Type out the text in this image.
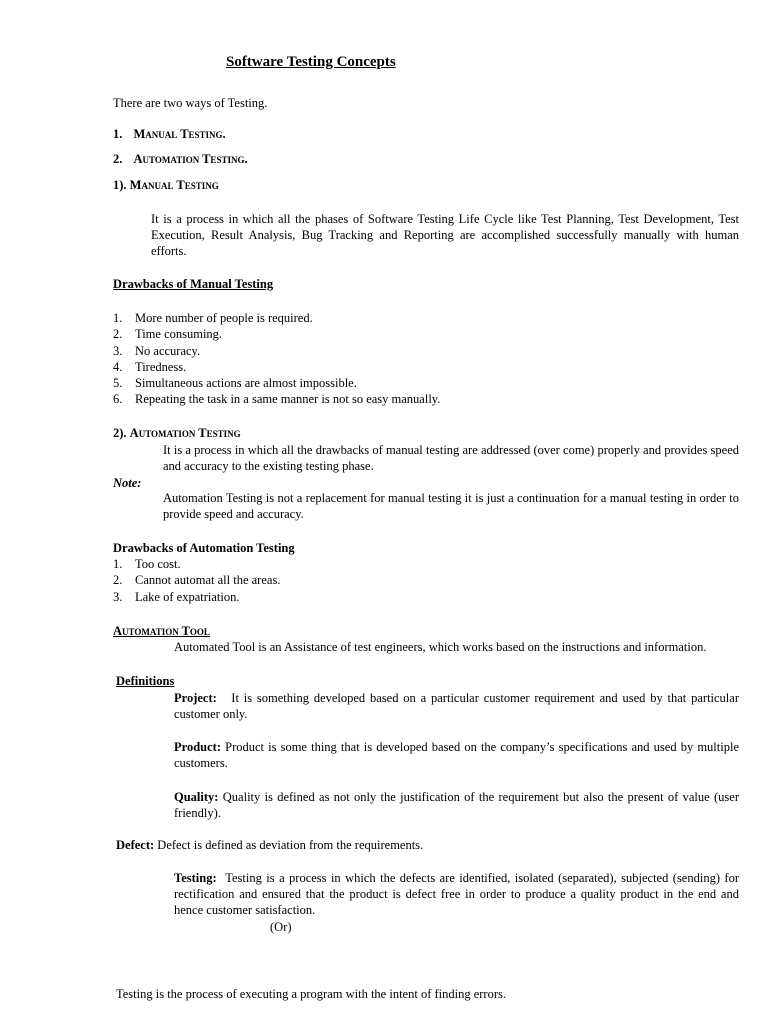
Software Testing Concepts
There are two ways of Testing.
1. Manual Testing.
2. Automation Testing.
1). Manual Testing
It is a process in which all the phases of Software Testing Life Cycle like Test Planning, Test Development, Test Execution, Result Analysis, Bug Tracking and Reporting are accomplished successfully manually with human efforts.
Drawbacks of Manual Testing
1. More number of people is required.
2. Time consuming.
3. No accuracy.
4. Tiredness.
5. Simultaneous actions are almost impossible.
6. Repeating the task in a same manner is not so easy manually.
2). Automation Testing
It is a process in which all the drawbacks of manual testing are addressed (over come) properly and provides speed and accuracy to the existing testing phase.
Note:
Automation Testing is not a replacement for manual testing it is just a continuation for a manual testing in order to provide speed and accuracy.
Drawbacks of Automation Testing
1. Too cost.
2. Cannot automat all the areas.
3. Lake of expatriation.
Automation Tool
Automated Tool is an Assistance of test engineers, which works based on the instructions and information.
Definitions
Project: It is something developed based on a particular customer requirement and used by that particular customer only.
Product: Product is some thing that is developed based on the company’s specifications and used by multiple customers.
Quality: Quality is defined as not only the justification of the requirement but also the present of value (user   friendly).
Defect: Defect is defined as deviation from the requirements.
Testing: Testing is a process in which the defects are identified, isolated (separated), subjected (sending) for rectification and ensured that the product is defect free in order to produce a quality product in the end and hence customer satisfaction.
(Or)
Testing is the process of executing a program with the intent of finding errors.
